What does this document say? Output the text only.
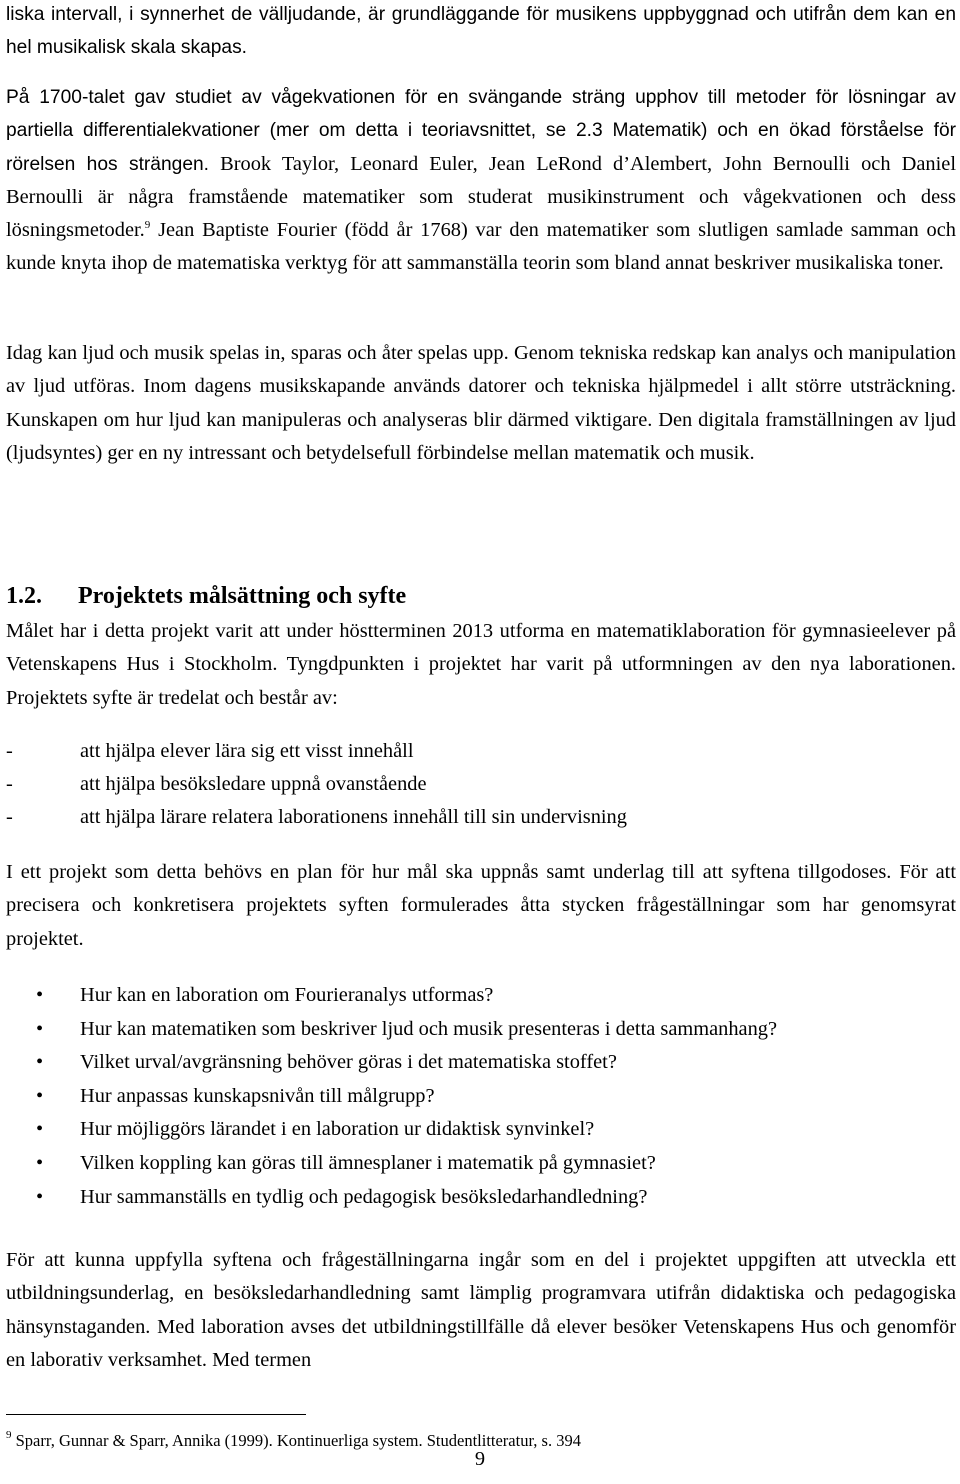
liska intervall, i synnerhet de välljudande, är grundläggande för musikens uppbyggnad och utifrån dem kan en hel musikalisk skala skapas.

På 1700-talet gav studiet av vågekvationen för en svängande sträng upphov till metoder för lösningar av partiella differentialekvationer (mer om detta i teoriavsnittet, se 2.3 Matematik) och en ökad förståelse för rörelsen hos strängen. Brook Taylor, Leonard Euler, Jean LeRond d’Alembert, John Bernoulli och Daniel Bernoulli är några framstående matematiker som studerat musikinstrument och vågekvationen och dess lösningsmetoder.$^9$ Jean Baptiste Fourier (född år 1768) var den matematiker som slutligen samlade samman och kunde knyta ihop de matematiska verktyg för att sammanställa teorin som bland annat beskriver musikaliska toner.

Idag kan ljud och musik spelas in, sparas och åter spelas upp. Genom tekniska redskap kan analys och manipulation av ljud utföras. Inom dagens musikskapande används datorer och tekniska hjälpmedel i allt större utsträckning. Kunskapen om hur ljud kan manipuleras och analyseras blir därmed viktigare. Den digitala framställningen av ljud (ljudsyntes) ger en ny intressant och betydelsefull förbindelse mellan matematik och musik.

1.2. Projektets målsättning och syfte

Målet har i detta projekt varit att under höstterminen 2013 utforma en matematiklaboration för gymnasieelever på Vetenskapens Hus i Stockholm. Tyngdpunkten i projektet har varit på utformningen av den nya laborationen. Projektets syfte är tredelat och består av:

-	att hjälpa elever lära sig ett visst innehåll
-	att hjälpa besöksledare uppnå ovanstående
-	att hjälpa lärare relatera laborationens innehåll till sin undervisning

I ett projekt som detta behövs en plan för hur mål ska uppnås samt underlag till att syftena tillgodoses. För att precisera och konkretisera projektets syften formulerades åtta stycken frågeställningar som har genomsyrat projektet.

• Hur kan en laboration om Fourieranalys utformas?
• Hur kan matematiken som beskriver ljud och musik presenteras i detta sammanhang?
• Vilket urval/avgränsning behöver göras i det matematiska stoffet?
• Hur anpassas kunskapsnivån till målgrupp?
• Hur möjliggörs lärandet i en laboration ur didaktisk synvinkel?
• Vilken koppling kan göras till ämnesplaner i matematik på gymnasiet?
• Hur sammanställs en tydlig och pedagogisk besöksledarhandledning?

För att kunna uppfylla syftena och frågeställningarna ingår som en del i projektet uppgiften att utveckla ett utbildningsunderlag, en besöksledarhandledning samt lämplig programvara utifrån didaktiska och pedagogiska hänsynstaganden. Med laboration avses det utbildningstillfälle då elever besöker Vetenskapens Hus och genomför en laborativ verksamhet. Med termen

$^9$ Sparr, Gunnar & Sparr, Annika (1999). Kontinuerliga system. Studentlitteratur, s. 394

9
